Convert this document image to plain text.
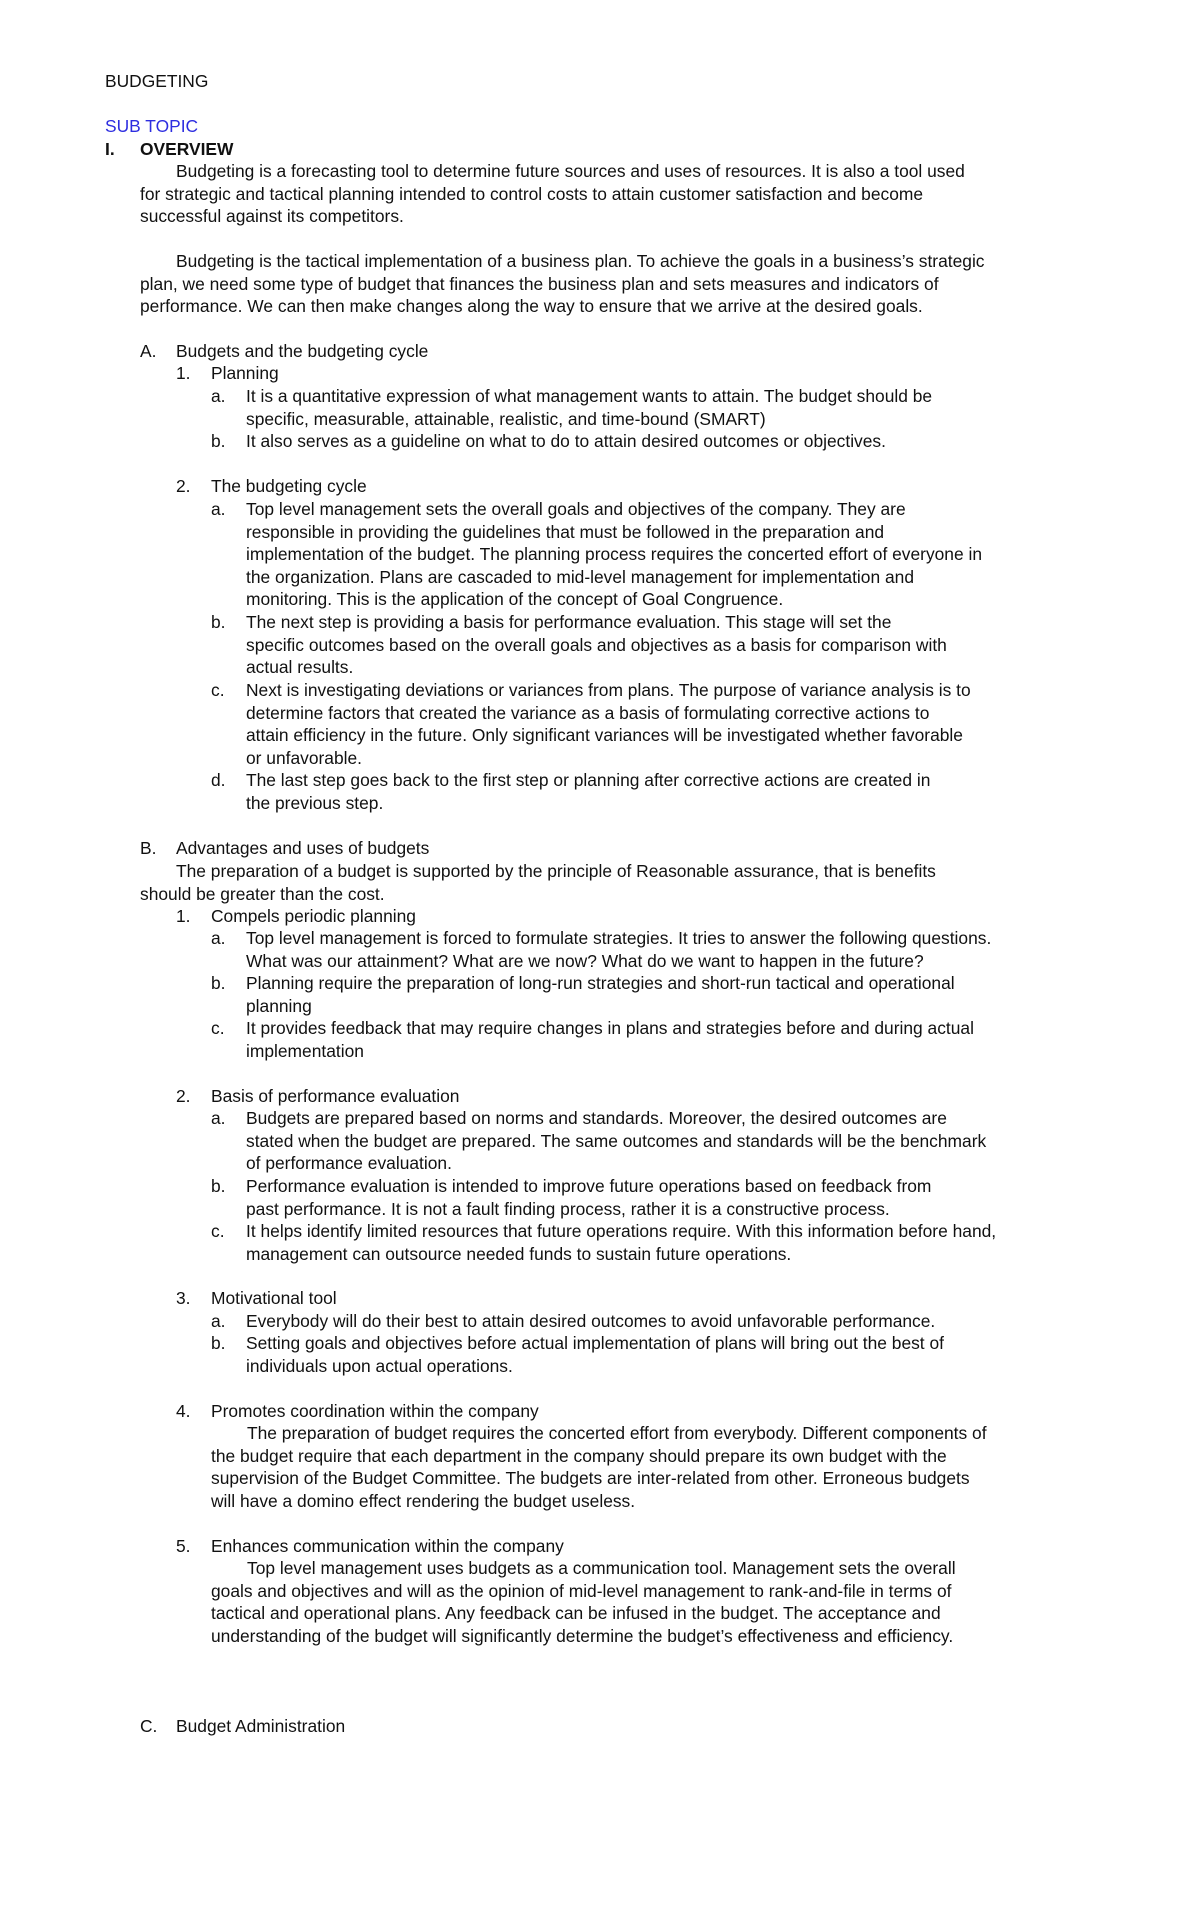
BUDGETING
SUB TOPIC
I. OVERVIEW
Budgeting is a forecasting tool to determine future sources and uses of resources. It is also a tool used
for strategic and tactical planning intended to control costs to attain customer satisfaction and become
successful against its competitors.
Budgeting is the tactical implementation of a business plan. To achieve the goals in a business’s strategic
plan, we need some type of budget that finances the business plan and sets measures and indicators of
performance. We can then make changes along the way to ensure that we arrive at the desired goals.
A. Budgets and the budgeting cycle
1. Planning
a. It is a quantitative expression of what management wants to attain. The budget should be
specific, measurable, attainable, realistic, and time-bound (SMART)
b. It also serves as a guideline on what to do to attain desired outcomes or objectives.
2. The budgeting cycle
a. Top level management sets the overall goals and objectives of the company. They are
responsible in providing the guidelines that must be followed in the preparation and
implementation of the budget. The planning process requires the concerted effort of everyone in
the organization. Plans are cascaded to mid-level management for implementation and
monitoring. This is the application of the concept of Goal Congruence.
b. The next step is providing a basis for performance evaluation. This stage will set the
specific outcomes based on the overall goals and objectives as a basis for comparison with
actual results.
c. Next is investigating deviations or variances from plans. The purpose of variance analysis is to
determine factors that created the variance as a basis of formulating corrective actions to
attain efficiency in the future. Only significant variances will be investigated whether favorable
or unfavorable.
d. The last step goes back to the first step or planning after corrective actions are created in
the previous step.
B. Advantages and uses of budgets
The preparation of a budget is supported by the principle of Reasonable assurance, that is benefits
should be greater than the cost.
1. Compels periodic planning
a. Top level management is forced to formulate strategies. It tries to answer the following questions.
What was our attainment? What are we now? What do we want to happen in the future?
b. Planning require the preparation of long-run strategies and short-run tactical and operational
planning
c. It provides feedback that may require changes in plans and strategies before and during actual
implementation
2. Basis of performance evaluation
a. Budgets are prepared based on norms and standards. Moreover, the desired outcomes are
stated when the budget are prepared. The same outcomes and standards will be the benchmark
of performance evaluation.
b. Performance evaluation is intended to improve future operations based on feedback from
past performance. It is not a fault finding process, rather it is a constructive process.
c. It helps identify limited resources that future operations require. With this information before hand,
management can outsource needed funds to sustain future operations.
3. Motivational tool
a. Everybody will do their best to attain desired outcomes to avoid unfavorable performance.
b. Setting goals and objectives before actual implementation of plans will bring out the best of
individuals upon actual operations.
4. Promotes coordination within the company
The preparation of budget requires the concerted effort from everybody. Different components of
the budget require that each department in the company should prepare its own budget with the
supervision of the Budget Committee. The budgets are inter-related from other. Erroneous budgets
will have a domino effect rendering the budget useless.
5. Enhances communication within the company
Top level management uses budgets as a communication tool. Management sets the overall
goals and objectives and will as the opinion of mid-level management to rank-and-file in terms of
tactical and operational plans. Any feedback can be infused in the budget. The acceptance and
understanding of the budget will significantly determine the budget’s effectiveness and efficiency.
C. Budget Administration
